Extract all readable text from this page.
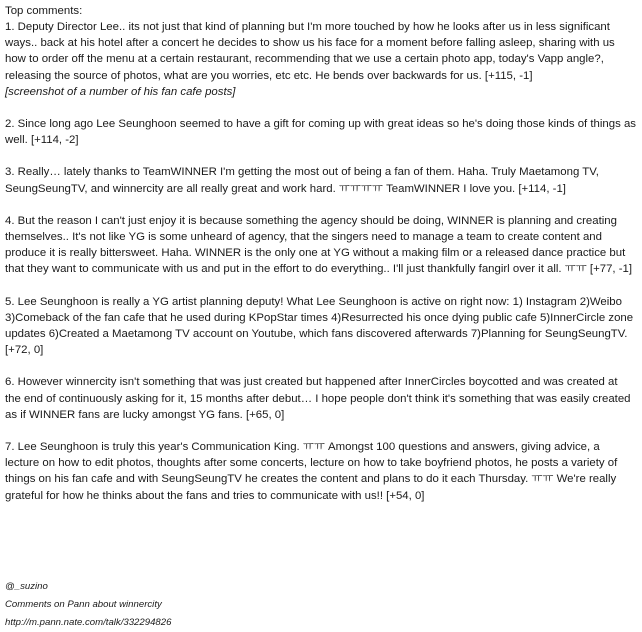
Top comments:

1. Deputy Director Lee.. its not just that kind of planning but I'm more touched by how he looks after us in less significant ways.. back at his hotel after a concert he decides to show us his face for a moment before falling asleep, sharing with us how to order off the menu at a certain restaurant, recommending that we use a certain photo app, today's Vapp angle?, releasing the source of photos, what are you worries, etc etc. He bends over backwards for us. [+115, -1]
[screenshot of a number of his fan cafe posts]

2. Since long ago Lee Seunghoon seemed to have a gift for coming up with great ideas so he's doing those kinds of things as well. [+114, -2]

3. Really… lately thanks to TeamWINNER I'm getting the most out of being a fan of them. Haha. Truly Maetamong TV, SeungSeungTV, and winnercity are all really great and work hard. ㅠㅠㅠㅠ TeamWINNER I love you. [+114, -1]

4. But the reason I can't just enjoy it is because something the agency should be doing, WINNER is planning and creating themselves.. It's not like YG is some unheard of agency, that the singers need to manage a team to create content and produce it is really bittersweet. Haha. WINNER is the only one at YG without a making film or a released dance practice but that they want to communicate with us and put in the effort to do everything.. I'll just thankfully fangirl over it all. ㅠㅠ [+77, -1]

5. Lee Seunghoon is really a YG artist planning deputy! What Lee Seunghoon is active on right now: 1) Instagram 2)Weibo 3)Comeback of the fan cafe that he used during KPopStar times 4)Resurrected his once dying public cafe 5)InnerCircle zone updates 6)Created a Maetamong TV account on Youtube, which fans discovered afterwards 7)Planning for SeungSeungTV. [+72, 0]

6. However winnercity isn't something that was just created but happened after InnerCircles boycotted and was created at the end of continuously asking for it, 15 months after debut… I hope people don't think it's something that was easily created as if WINNER fans are lucky amongst YG fans. [+65, 0]

7. Lee Seunghoon is truly this year's Communication King. ㅠㅠ Amongst 100 questions and answers, giving advice, a lecture on how to edit photos, thoughts after some concerts, lecture on how to take boyfriend photos, he posts a variety of things on his fan cafe and with SeungSeungTV he creates the content and plans to do it each Thursday. ㅠㅠ We're really grateful for how he thinks about the fans and tries to communicate with us!! [+54, 0]

@_suzino
Comments on Pann about winnercity
http://m.pann.nate.com/talk/332294826
